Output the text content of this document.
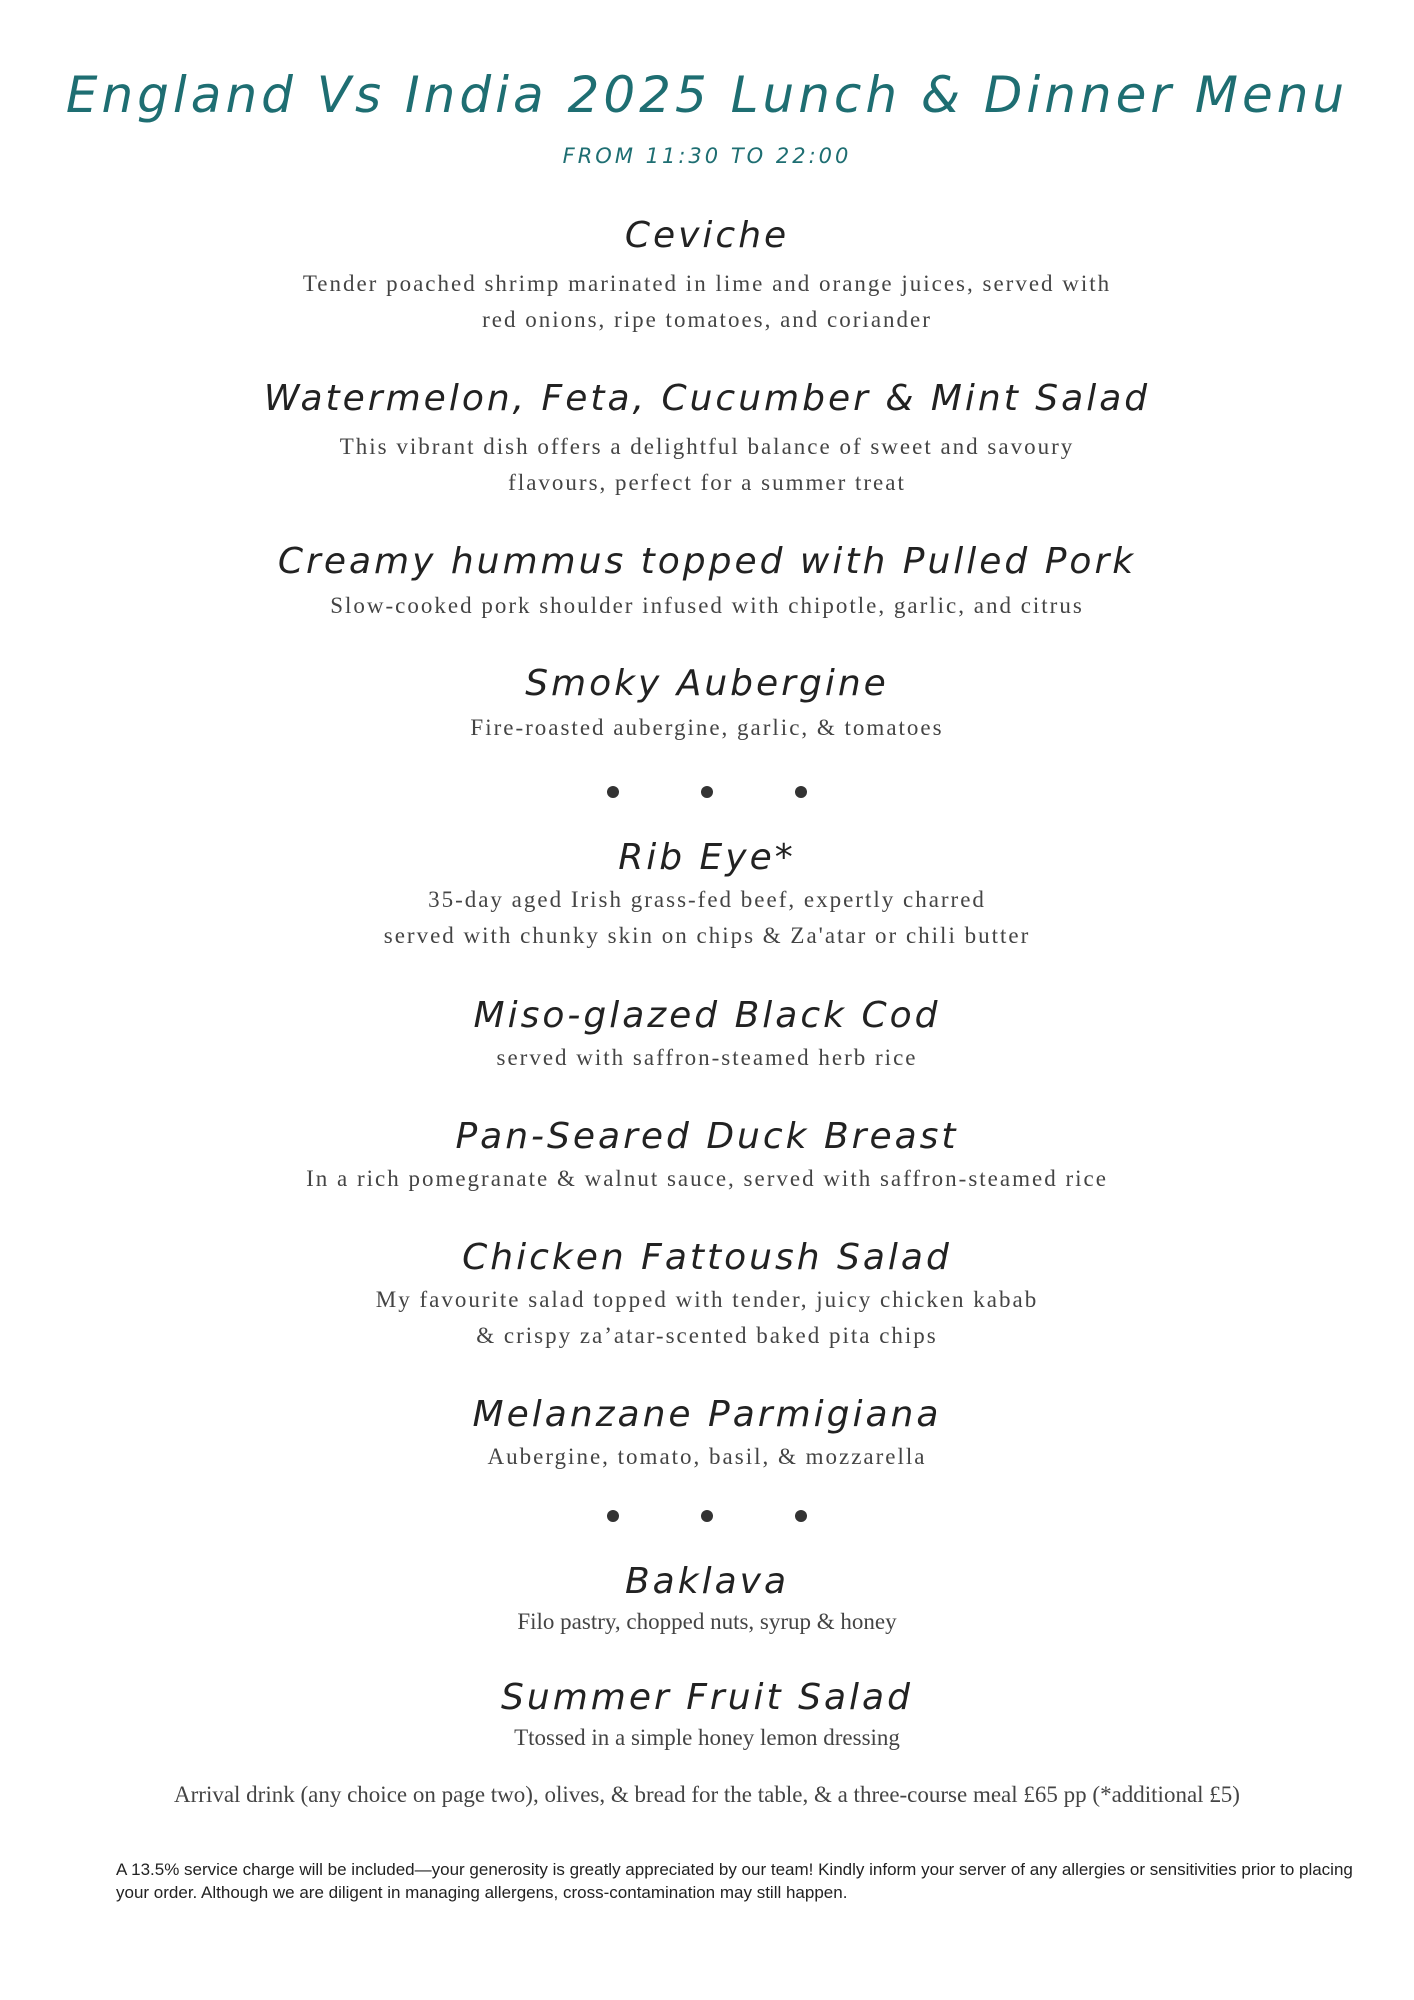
England Vs India 2025 Lunch & Dinner Menu
FROM 11:30 TO 22:00

Ceviche

Tender poached shrimp marinated in lime and orange juices, served with
red onions, ripe tomatoes, and coriander

Watermelon, Feta, Cucumber & Mint Salad

This vibrant dish offers a delightful balance of sweet and savoury
flavours, perfect for a summer treat

Creamy hummus topped with Pulled Pork

Slow-cooked pork shoulder infused with chipotle, garlic, and citrus

Smoky Aubergine

Fire-roasted aubergine, garlic, & tomatoes

Rib Eye*

35-day aged Irish grass-fed beef, expertly charred
served with chunky skin on chips & Za'atar or chili butter

Miso-glazed Black Cod

served with saffron-steamed herb rice

Pan-Seared Duck Breast

In a rich pomegranate & walnut sauce, served with saffron-steamed rice

Chicken Fattoush Salad

My favourite salad topped with tender, juicy chicken kabab
& crispy za’atar-scented baked pita chips

Melanzane Parmigiana

Aubergine, tomato, basil, & mozzarella

Baklava

Filo pastry, chopped nuts, syrup & honey

Summer Fruit Salad

Ttossed in a simple honey lemon dressing

Arrival drink (any choice on page two), olives, & bread for the table, & a three-course meal £65 pp (*additional £5)
A 13.5% service charge will be included—your generosity is greatly appreciated by our team! Kindly inform your server of any allergies or sensitivities prior to placing your order. Although we are diligent in managing allergens, cross-contamination may still happen.
